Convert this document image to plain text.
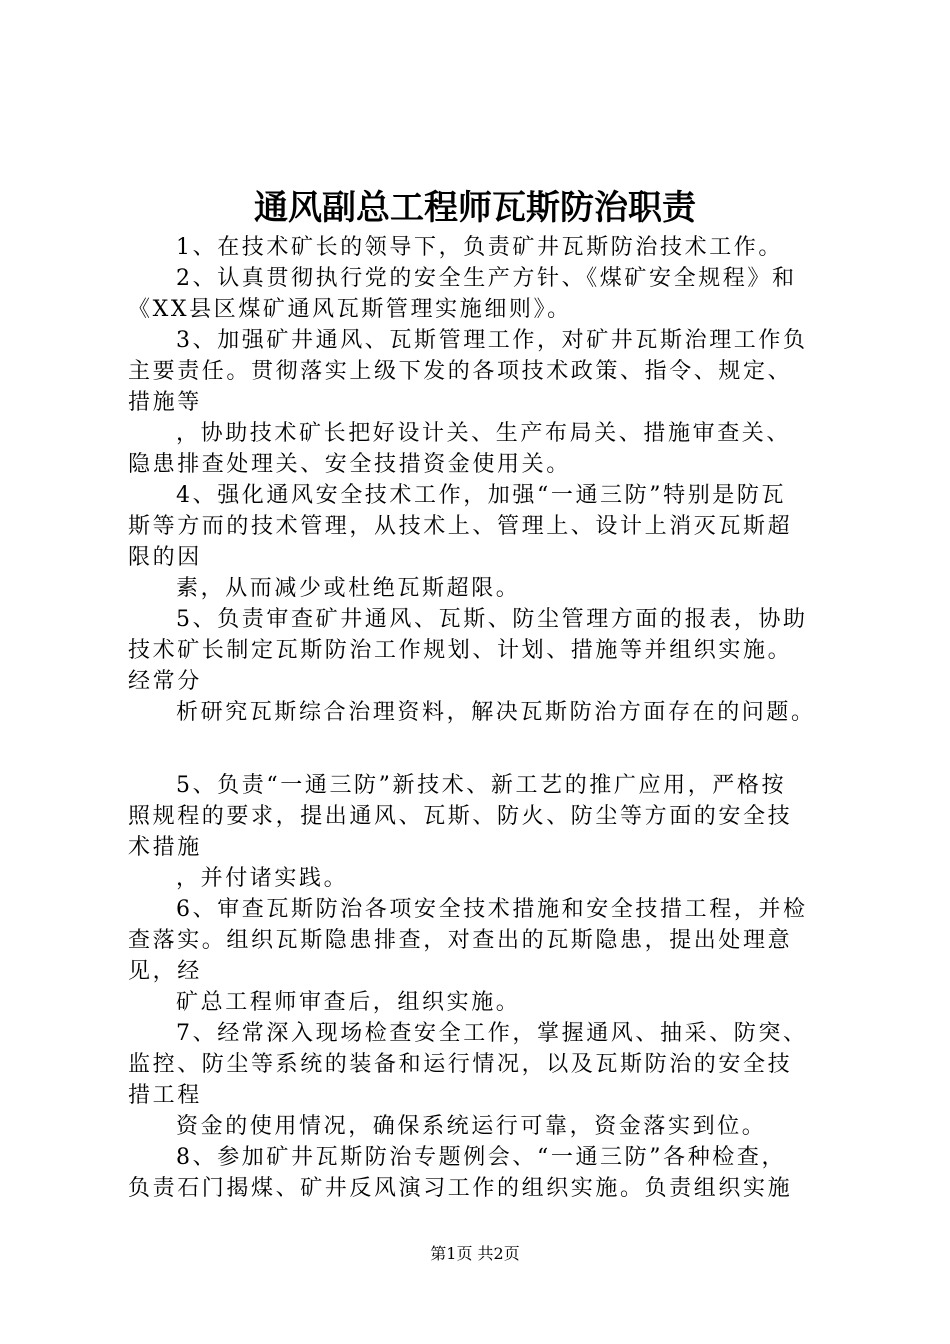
通风副总工程师瓦斯防治职责
1、在技术矿长的领导下，负责矿井瓦斯防治技术工作。
2、认真贯彻执行党的安全生产方针、《煤矿安全规程》和
《XX县区煤矿通风瓦斯管理实施细则》。
3、加强矿井通风、瓦斯管理工作，对矿井瓦斯治理工作负
主要责任。贯彻落实上级下发的各项技术政策、指令、规定、
措施等
，协助技术矿长把好设计关、生产布局关、措施审查关、
隐患排查处理关、安全技措资金使用关。
4、强化通风安全技术工作，加强“一通三防”特别是防瓦
斯等方而的技术管理，从技术上、管理上、设计上消灭瓦斯超
限的因
素，从而减少或杜绝瓦斯超限。
5、负责审查矿井通风、瓦斯、防尘管理方面的报表，协助
技术矿长制定瓦斯防治工作规划、计划、措施等并组织实施。
经常分
析研究瓦斯综合治理资料，解决瓦斯防治方面存在的问题。
5、负责“一通三防”新技术、新工艺的推广应用，严格按
照规程的要求，提出通风、瓦斯、防火、防尘等方面的安全技
术措施
，并付诸实践。
6、审查瓦斯防治各项安全技术措施和安全技措工程，并检
查落实。组织瓦斯隐患排查，对查出的瓦斯隐患，提出处理意
见，经
矿总工程师审查后，组织实施。
7、经常深入现场检查安全工作，掌握通风、抽采、防突、
监控、防尘等系统的装备和运行情况，以及瓦斯防治的安全技
措工程
资金的使用情况，确保系统运行可靠，资金落实到位。
8、参加矿井瓦斯防治专题例会、“一通三防”各种检查，
负责石门揭煤、矿井反风演习工作的组织实施。负责组织实施
第1页 共2页
